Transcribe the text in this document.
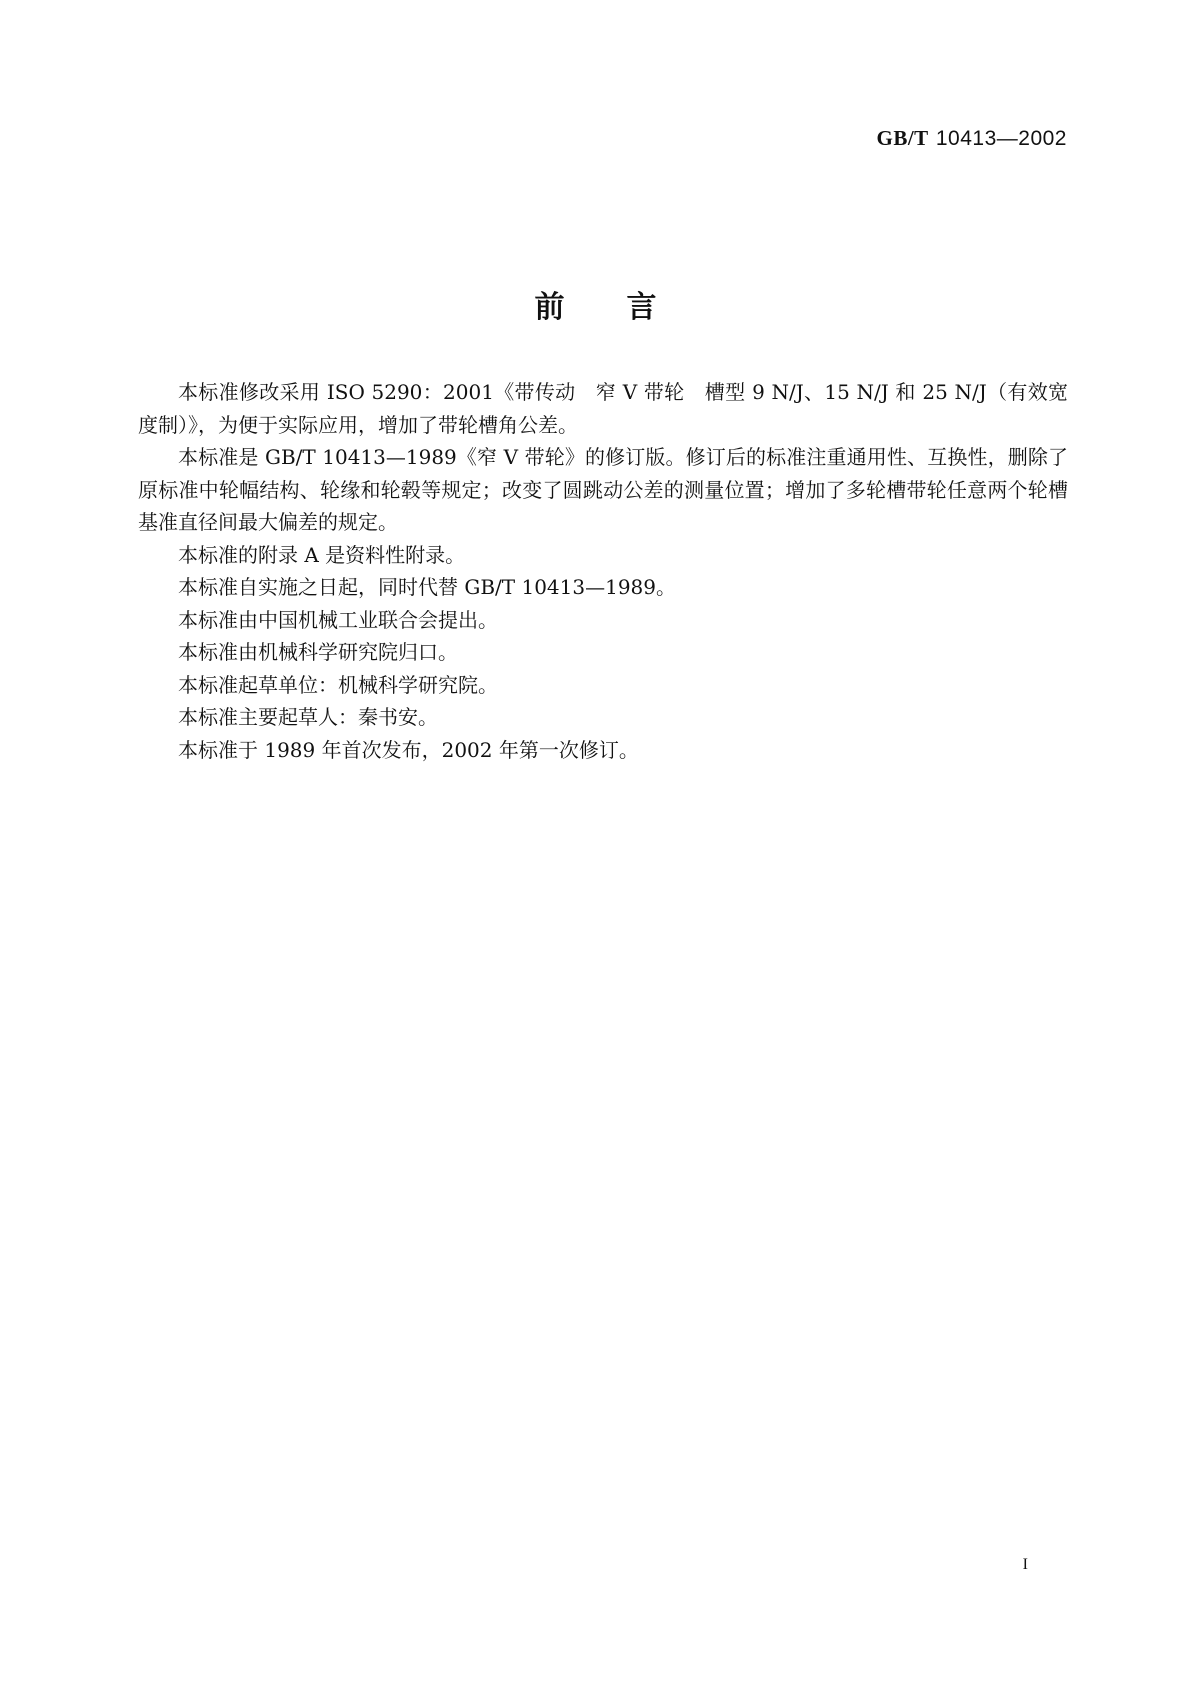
GB/T 10413—2002
前言

本标准修改采用 ISO 5290：2001《带传动　窄 V 带轮　槽型 9 N/J、15 N/J 和 25 N/J（有效宽度制）》，为便于实际应用，增加了带轮槽角公差。

本标准是 GB/T 10413—1989《窄 V 带轮》的修订版。修订后的标准注重通用性、互换性，删除了原标准中轮幅结构、轮缘和轮毂等规定；改变了圆跳动公差的测量位置；增加了多轮槽带轮任意两个轮槽基准直径间最大偏差的规定。

本标准的附录 A 是资料性附录。

本标准自实施之日起，同时代替 GB/T 10413—1989。

本标准由中国机械工业联合会提出。

本标准由机械科学研究院归口。

本标准起草单位：机械科学研究院。

本标准主要起草人：秦书安。

本标准于 1989 年首次发布，2002 年第一次修订。

I
